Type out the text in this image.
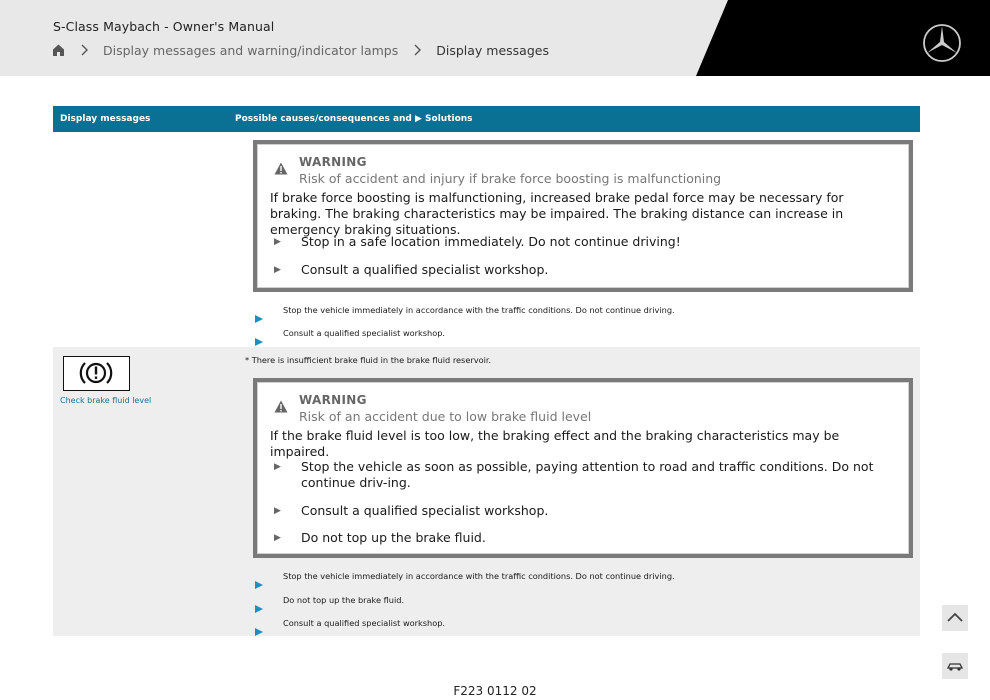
S-Class Maybach - Owner's Manual
Display messages and warning/indicator lamps	Display messages
Display messages	Possible causes/consequences and ▶ Solutions
WARNING
Risk of accident and injury if brake force boosting is malfunctioning
If brake force boosting is malfunctioning, increased brake pedal force may be necessary for braking. The braking characteristics may be impaired. The braking distance can increase in emergency braking situations.
▶ Stop in a safe location immediately. Do not continue driving!
▶ Consult a qualified specialist workshop.
Stop the vehicle immediately in accordance with the traffic conditions. Do not continue driving.
Consult a qualified specialist workshop.
Check brake fluid level
* There is insufficient brake fluid in the brake fluid reservoir.
WARNING
Risk of an accident due to low brake fluid level
If the brake fluid level is too low, the braking effect and the braking characteristics may be impaired.
▶ Stop the vehicle as soon as possible, paying attention to road and traffic conditions. Do not continue driv-ing.
▶ Consult a qualified specialist workshop.
▶ Do not top up the brake fluid.
Stop the vehicle immediately in accordance with the traffic conditions. Do not continue driving.
Do not top up the brake fluid.
Consult a qualified specialist workshop.
F223 0112 02
